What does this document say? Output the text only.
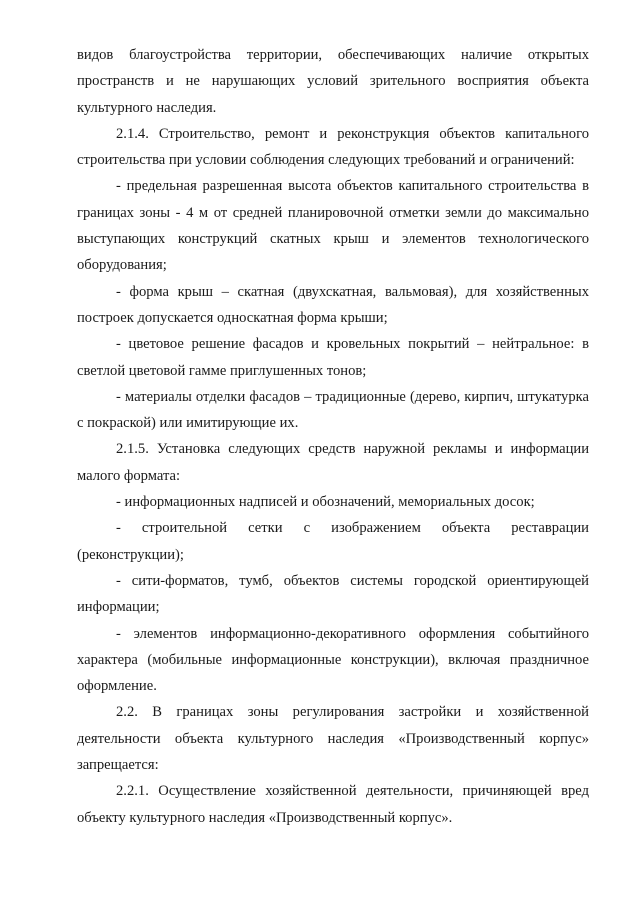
видов благоустройства территории, обеспечивающих наличие открытых пространств и не нарушающих условий зрительного восприятия объекта культурного наследия.

2.1.4. Строительство, ремонт и реконструкция объектов капитального строительства при условии соблюдения следующих требований и ограничений:

- предельная разрешенная высота объектов капитального строительства в границах зоны - 4 м от средней планировочной отметки земли до максимально выступающих конструкций скатных крыш и элементов технологического оборудования;

- форма крыш – скатная (двухскатная, вальмовая), для хозяйственных построек допускается односкатная форма крыши;

- цветовое решение фасадов и кровельных покрытий – нейтральное: в светлой цветовой гамме приглушенных тонов;

- материалы отделки фасадов – традиционные (дерево, кирпич, штукатурка с покраской) или имитирующие их.

2.1.5. Установка следующих средств наружной рекламы и информации малого формата:

- информационных надписей и обозначений, мемориальных досок;

- строительной сетки с изображением объекта реставрации (реконструкции);

- сити-форматов, тумб, объектов системы городской ориентирующей информации;

- элементов информационно-декоративного оформления событийного характера (мобильные информационные конструкции), включая праздничное оформление.

2.2. В границах зоны регулирования застройки и хозяйственной деятельности объекта культурного наследия «Производственный корпус» запрещается:

2.2.1. Осуществление хозяйственной деятельности, причиняющей вред объекту культурного наследия «Производственный корпус».
